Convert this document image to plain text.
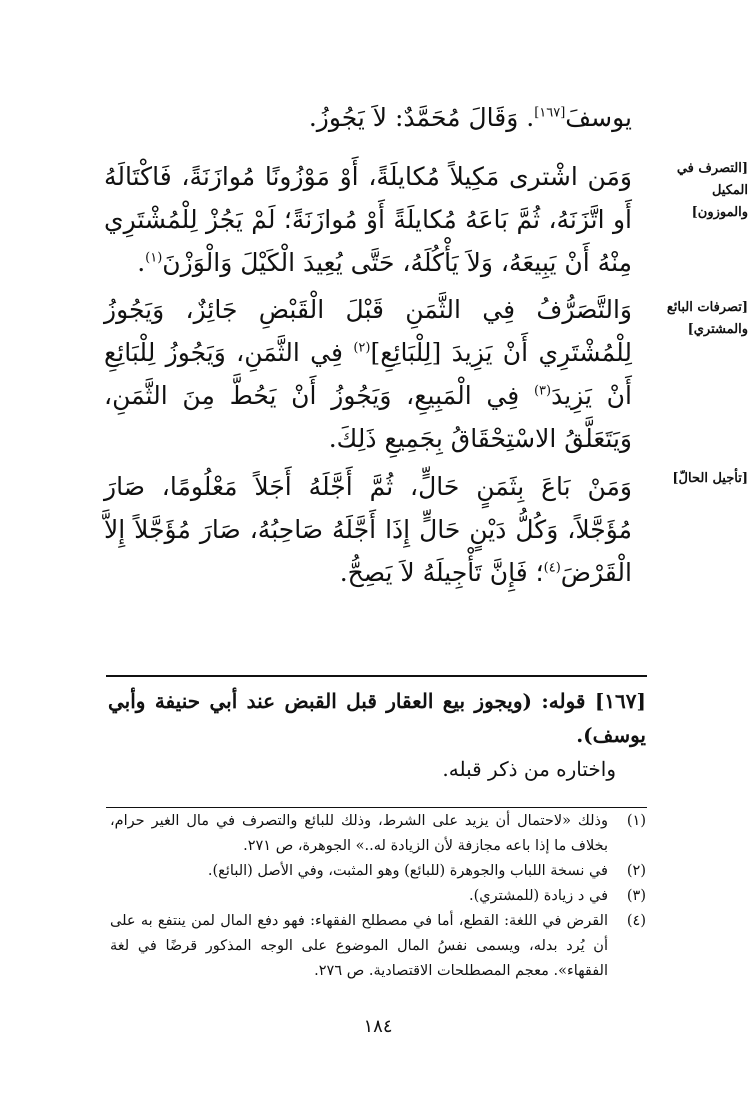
يوسفَ[١٦٧]. وَقَالَ مُحَمَّدٌ: لاَ يَجُوزُ.
وَمَن اشْترى مَكِيلاً مُكايلَةً، أَوْ مَوْزُونًا مُوازَنَةً، فَاكْتَالَهُ أَو اتَّزَنَهُ، ثُمَّ بَاعَهُ مُكايلَةً أَوْ مُوازَنَةً؛ لَمْ يَجُزْ لِلْمُشْتَرِي مِنْهُ أَنْ يَبِيعَهُ، وَلاَ يَأْكُلَهُ، حَتَّى يُعِيدَ الْكَيْلَ وَالْوَزْنَ$^{(١)}$.
[التصرف في المكيل والموزون]
وَالتَّصَرُّفُ فِي الثَّمَنِ قَبْلَ الْقَبْضِ جَائِزٌ، وَيَجُوزُ لِلْمُشْتَرِي أَنْ يَزِيدَ [لِلْبَائِعِ]$^{(٢)}$ فِي الثَّمَنِ، وَيَجُوزُ لِلْبَائِعِ أَنْ يَزِيدَ$^{(٣)}$ فِي الْمَبِيعِ، وَيَجُوزُ أَنْ يَحُطَّ مِنَ الثَّمَنِ، وَيَتَعَلَّقُ الاسْتِحْقَاقُ بِجَمِيعِ ذَلِكَ.
[تصرفات البائع والمشتري]
وَمَنْ بَاعَ بِثَمَنٍ حَالٍّ، ثُمَّ أَجَّلَهُ أَجَلاً مَعْلُومًا، صَارَ مُؤَجَّلاً، وَكُلُّ دَيْنٍ حَالٍّ إِذَا أَجَّلَهُ صَاحِبُهُ، صَارَ مُؤَجَّلاً إِلاَّ الْقَرْضَ$^{(٤)}$؛ فَإِنَّ تَأْجِيلَهُ لاَ يَصِحُّ.
[تأجيل الحالّ]
[١٦٧] قوله: (ويجوز بيع العقار قبل القبض عند أبي حنيفة وأبي يوسف).
واختاره من ذكر قبله.
(١)
وذلك «لاحتمال أن يزيد على الشرط، وذلك للبائع والتصرف في مال الغير حرام، بخلاف ما إذا باعه مجازفة لأن الزيادة له..» الجوهرة، ص ٢٧١.
(٢)
في نسخة اللباب والجوهرة (للبائع) وهو المثبت، وفي الأصل (البائع).
(٣)
في د زيادة (للمشتري).
(٤)
القرض في اللغة: القطع، أما في مصطلح الفقهاء: فهو دفع المال لمن ينتفع به على أن يُرد بدله، ويسمى نفسُ المال الموضوع على الوجه المذكور قرضًا في لغة الفقهاء». معجم المصطلحات الاقتصادية. ص ٢٧٦.
١٨٤
